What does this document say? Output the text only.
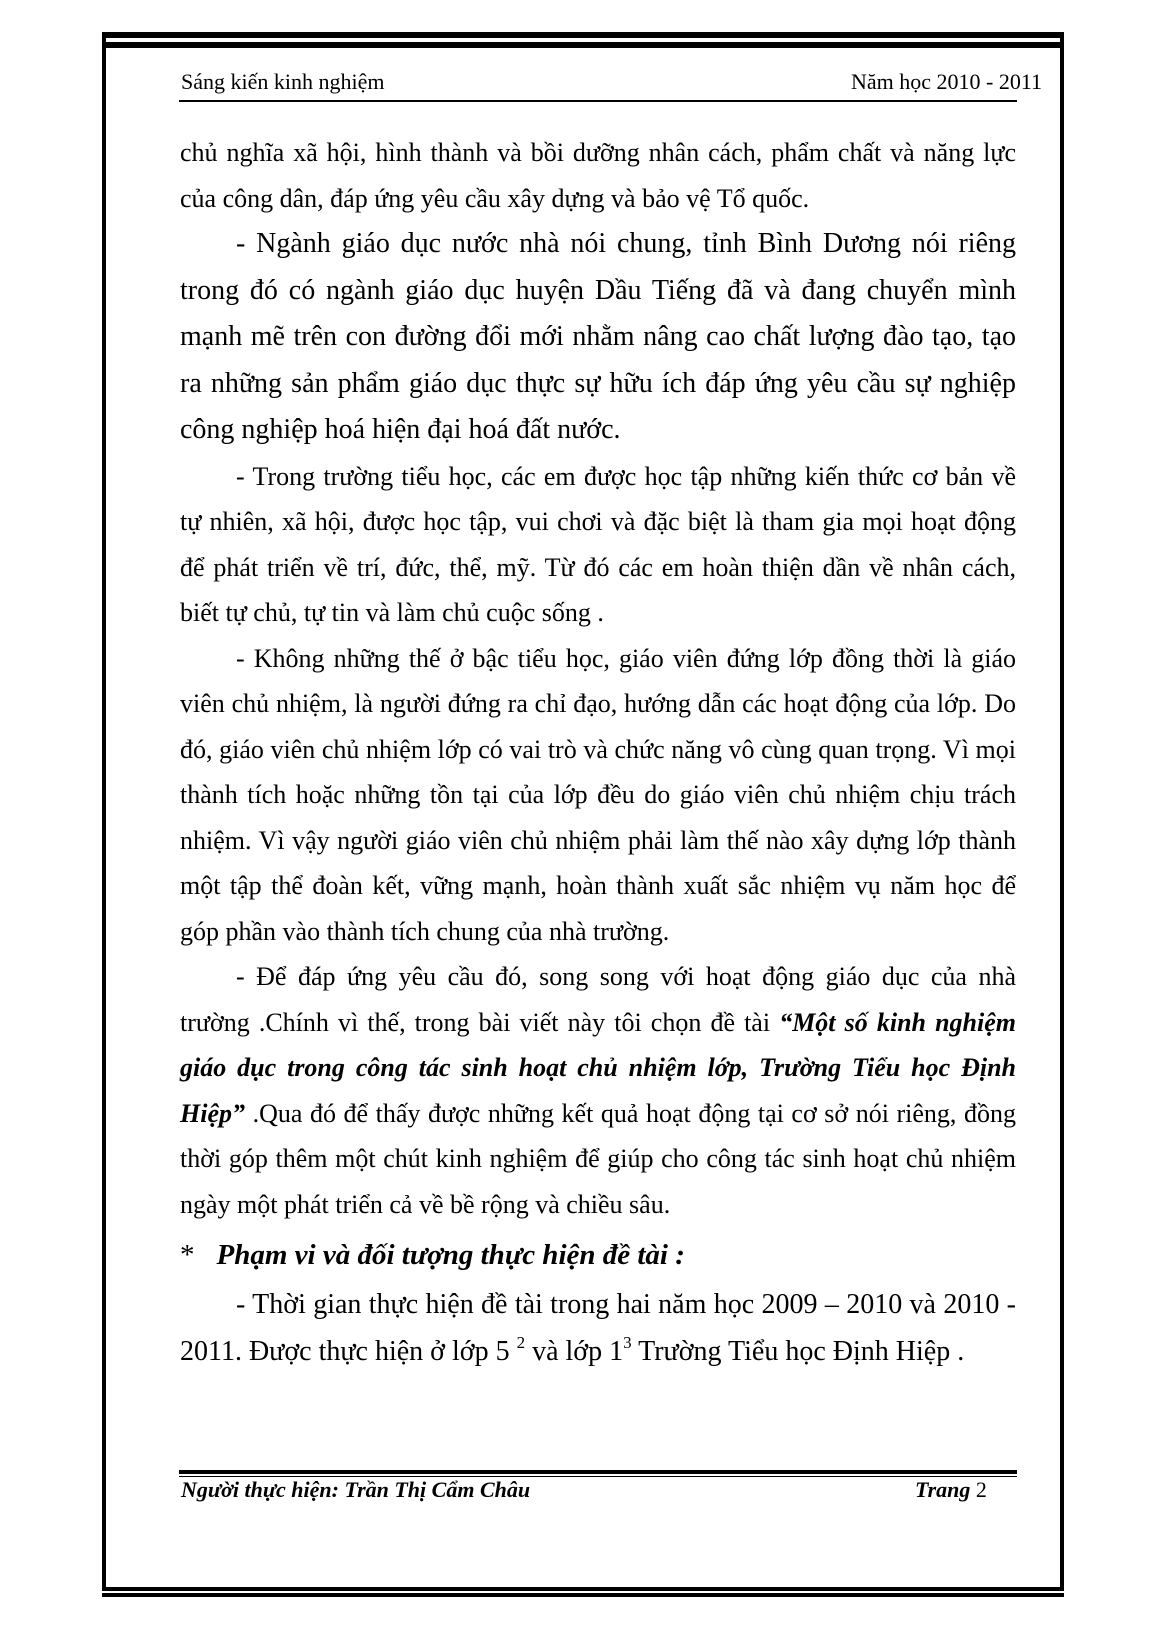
Sáng kiến kinh nghiệm	Năm học 2010 - 2011

chủ nghĩa xã hội, hình thành và bồi dưỡng nhân cách, phẩm chất và năng lực của công dân, đáp ứng yêu cầu xây dựng và bảo vệ Tổ quốc.

- Ngành giáo dục nước nhà nói chung, tỉnh Bình Dương nói riêng trong đó có ngành giáo dục huyện Dầu Tiếng đã và đang chuyển mình mạnh mẽ trên con đường đổi mới nhằm nâng cao chất lượng đào tạo, tạo ra những sản phẩm giáo dục thực sự hữu ích đáp ứng yêu cầu sự nghiệp công nghiệp hoá hiện đại hoá đất nước.

- Trong trường tiểu học, các em được học tập những kiến thức cơ bản về tự nhiên, xã hội, được học tập, vui chơi và đặc biệt là tham gia mọi hoạt động để phát triển về trí, đức, thể, mỹ. Từ đó các em hoàn thiện dần về nhân cách, biết tự chủ, tự tin và làm chủ cuộc sống .

- Không những thế ở bậc tiểu học, giáo viên đứng lớp đồng thời là giáo viên chủ nhiệm, là người đứng ra chỉ đạo, hướng dẫn các hoạt động của lớp. Do đó, giáo viên chủ nhiệm lớp có vai trò và chức năng vô cùng quan trọng. Vì mọi thành tích hoặc những tồn tại của lớp đều do giáo viên chủ nhiệm chịu trách nhiệm. Vì vậy người giáo viên chủ nhiệm phải làm thế nào xây dựng lớp thành một tập thể đoàn kết, vững mạnh, hoàn thành xuất sắc nhiệm vụ năm học để góp phần vào thành tích chung của nhà trường.

- Để đáp ứng yêu cầu đó, song song với hoạt động giáo dục của nhà trường .Chính vì thế, trong bài viết này tôi chọn đề tài “Một số kinh nghiệm giáo dục trong công tác sinh hoạt chủ nhiệm lớp, Trường Tiểu học Định Hiệp” .Qua đó để thấy được những kết quả hoạt động tại cơ sở nói riêng, đồng thời góp thêm một chút kinh nghiệm để giúp cho công tác sinh hoạt chủ nhiệm ngày một phát triển cả về bề rộng và chiều sâu.

* Phạm vi và đối tượng thực hiện đề tài :

- Thời gian thực hiện đề tài trong hai năm học 2009 – 2010 và 2010 - 2011. Được thực hiện ở lớp 5 $^2$ và lớp $1^3$ Trường Tiểu học Định Hiệp .

Người thực hiện: Trần Thị Cẩm Châu	Trang 2
